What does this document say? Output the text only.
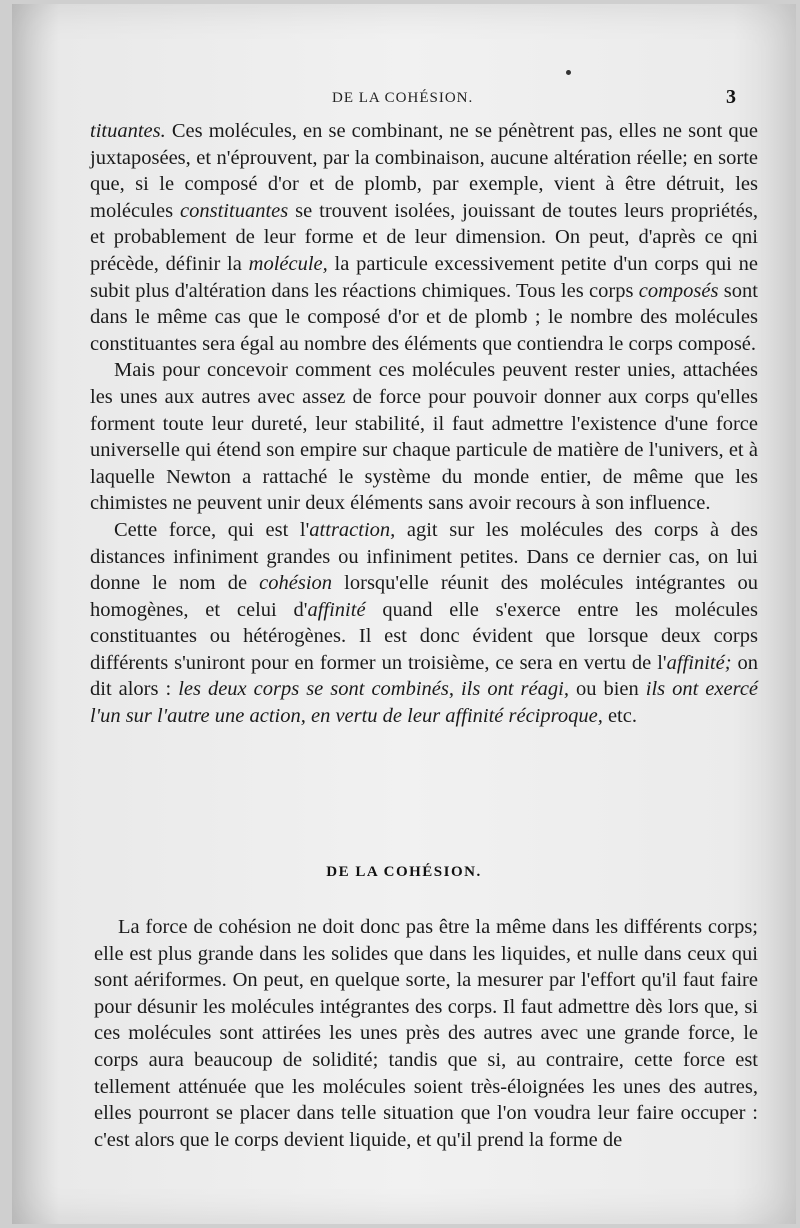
DE LA COHÉSION.	3

tituantes. Ces molécules, en se combinant, ne se pénètrent pas, elles ne sont que juxtaposées, et n'éprouvent, par la combinaison, aucune altération réelle; en sorte que, si le composé d'or et de plomb, par exemple, vient à être détruit, les molécules constituantes se trouvent isolées, jouissant de toutes leurs propriétés, et probablement de leur forme et de leur dimension. On peut, d'après ce qni précède, définir la molécule, la particule excessivement petite d'un corps qui ne subit plus d'altération dans les réactions chimiques. Tous les corps composés sont dans le même cas que le composé d'or et de plomb ; le nombre des molécules constituantes sera égal au nombre des éléments que contiendra le corps composé.

Mais pour concevoir comment ces molécules peuvent rester unies, attachées les unes aux autres avec assez de force pour pouvoir donner aux corps qu'elles forment toute leur dureté, leur stabilité, il faut admettre l'existence d'une force universelle qui étend son empire sur chaque particule de matière de l'univers, et à laquelle Newton a rattaché le système du monde entier, de même que les chimistes ne peuvent unir deux éléments sans avoir recours à son influence.

Cette force, qui est l'attraction, agit sur les molécules des corps à des distances infiniment grandes ou infiniment petites. Dans ce dernier cas, on lui donne le nom de cohésion lorsqu'elle réunit des molécules intégrantes ou homogènes, et celui d'affinité quand elle s'exerce entre les molécules constituantes ou hétérogènes. Il est donc évident que lorsque deux corps différents s'uniront pour en former un troisième, ce sera en vertu de l'affinité; on dit alors : les deux corps se sont combinés, ils ont réagi, ou bien ils ont exercé l'un sur l'autre une action, en vertu de leur affinité réciproque, etc.

DE LA COHÉSION.

La force de cohésion ne doit donc pas être la même dans les différents corps; elle est plus grande dans les solides que dans les liquides, et nulle dans ceux qui sont aériformes. On peut, en quelque sorte, la mesurer par l'effort qu'il faut faire pour désunir les molécules intégrantes des corps. Il faut admettre dès lors que, si ces molécules sont attirées les unes près des autres avec une grande force, le corps aura beaucoup de solidité; tandis que si, au contraire, cette force est tellement atténuée que les molécules soient très-éloignées les unes des autres, elles pourront se placer dans telle situation que l'on voudra leur faire occuper : c'est alors que le corps devient liquide, et qu'il prend la forme de
